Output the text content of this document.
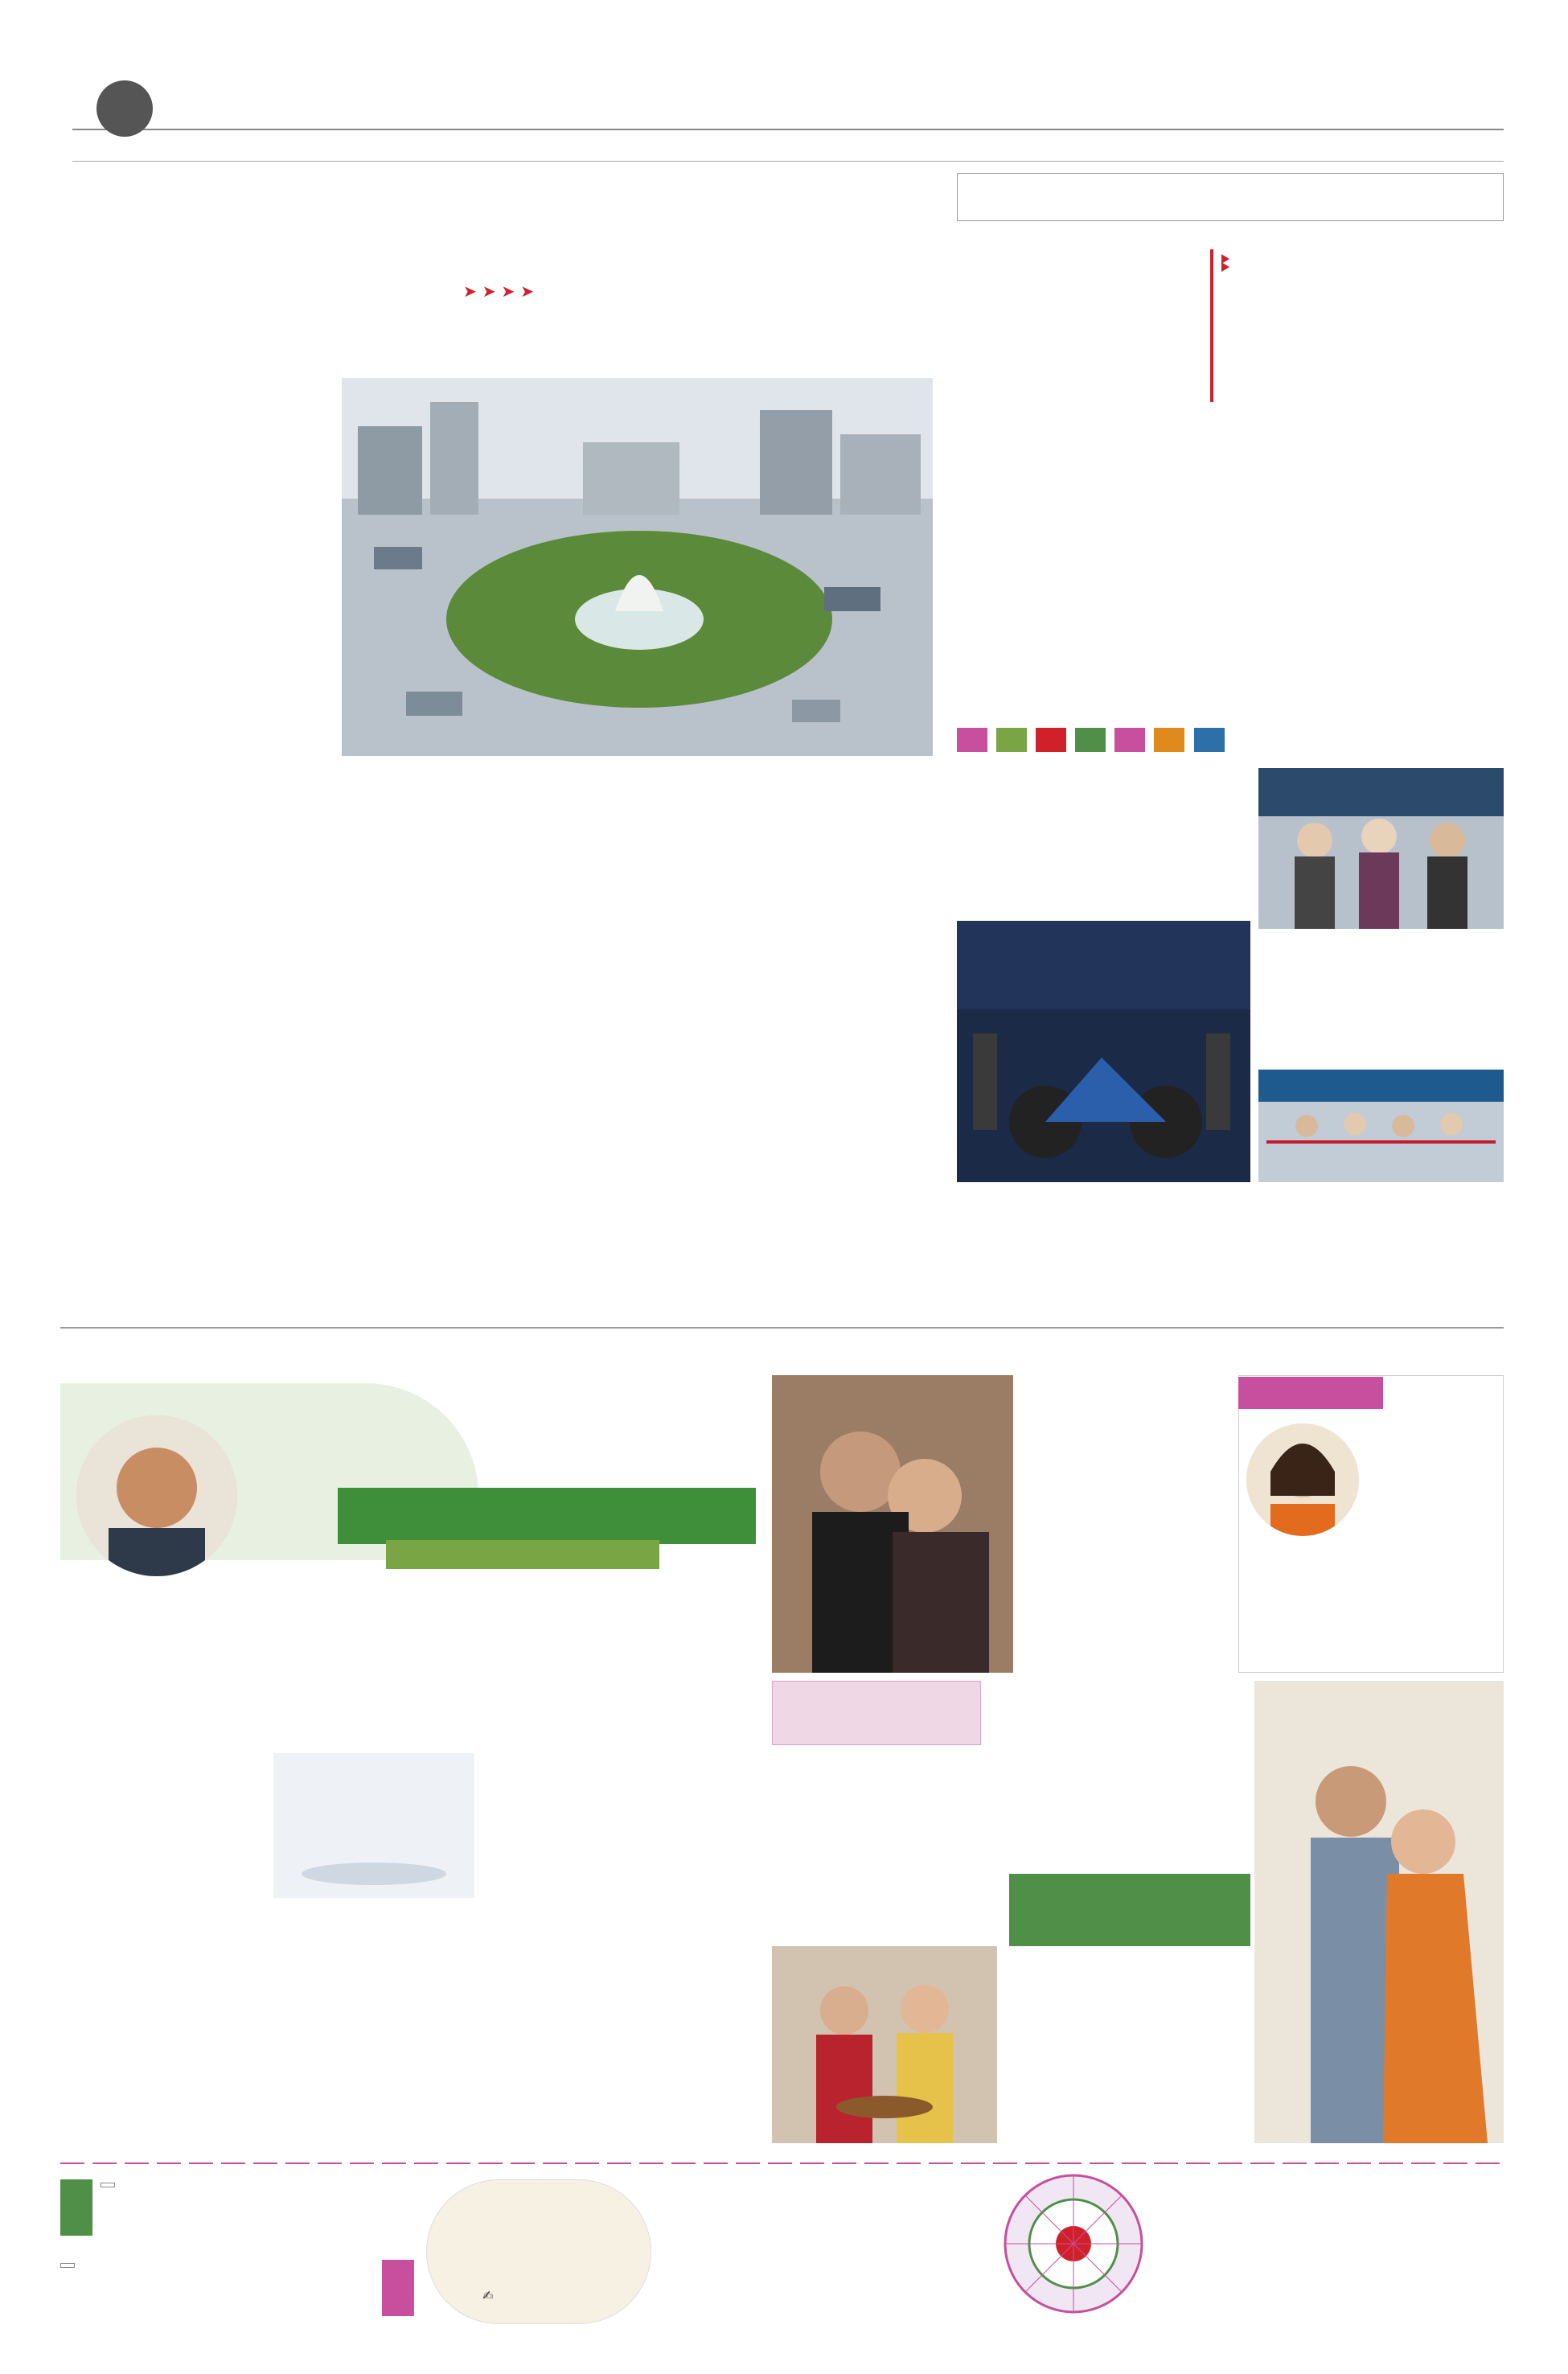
➤ ➤ ➤ ➤

✍
